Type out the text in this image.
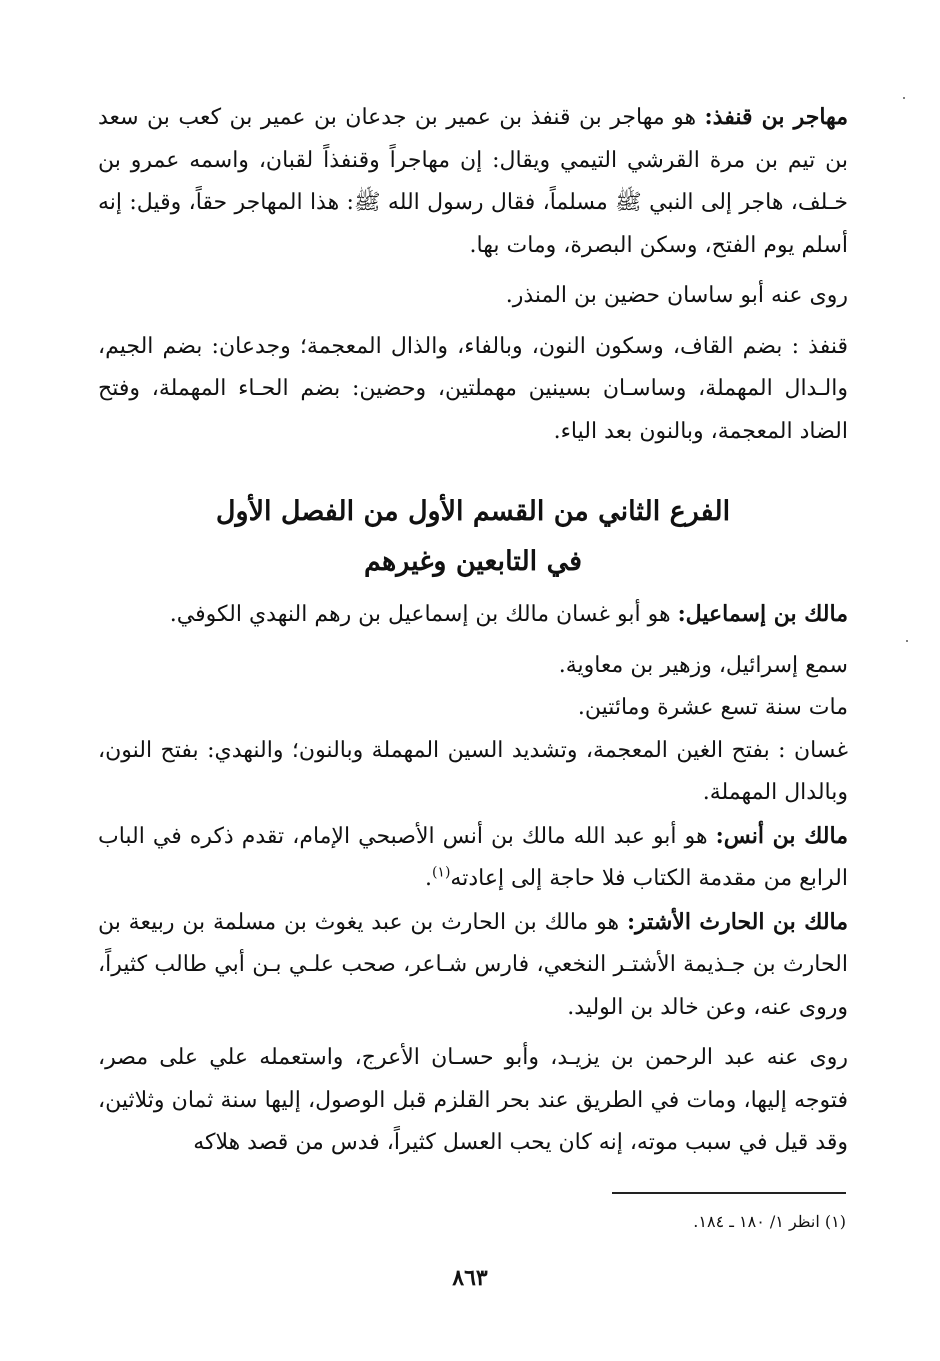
مهاجر بن قنفذ: هو مهاجر بن قنفذ بن عمير بن جدعان بن عمير بن كعب بن سعد بن تيم بن مرة القرشي التيمي ويقال: إن مهاجراً وقنفذاً لقبان، واسمه عمرو بن خـلف، هاجر إلى النبي ﷺ مسلماً، فقال رسول الله ﷺ: هذا المهاجر حقاً، وقيل: إنه أسلم يوم الفتح، وسكن البصرة، ومات بها.

روى عنه أبو ساسان حضين بن المنذر.

قنفذ : بضم القاف، وسكون النون، وبالفاء، والذال المعجمة؛ وجدعان: بضم الجيم، والـدال المهملة، وساسـان بسينين مهملتين، وحضين: بضم الحـاء المهملة، وفتح الضاد المعجمة، وبالنون بعد الياء.

الفرع الثاني من القسم الأول من الفصل الأول

في التابعين وغيرهم

مالك بن إسماعيل: هو أبو غسان مالك بن إسماعيل بن رهم النهدي الكوفي.

سمع إسرائيل، وزهير بن معاوية.

مات سنة تسع عشرة ومائتين.

غسان : بفتح الغين المعجمة، وتشديد السين المهملة وبالنون؛ والنهدي: بفتح النون، وبالدال المهملة.

مالك بن أنس: هو أبو عبد الله مالك بن أنس الأصبحي الإمام، تقدم ذكره في الباب الرابع من مقدمة الكتاب فلا حاجة إلى إعادته$^{(١)}$.

مالك بن الحارث الأشتر: هو مالك بن الحارث بن عبد يغوث بن مسلمة بن ربيعة بن الحارث بن جـذيمة الأشتـر النخعي، فارس شـاعر، صحب علـي بـن أبي طالب كثيراً، وروى عنه، وعن خالد بن الوليد.

روى عنه عبد الرحمن بن يزيـد، وأبو حسـان الأعرج، واستعمله علي على مصر، فتوجه إليها، ومات في الطريق عند بحر القلزم قبل الوصول، إليها سنة ثمان وثلاثين، وقد قيل في سبب موته، إنه كان يحب العسل كثيراً، فدس من قصد هلاكه

(١) انظر ١/ ١٨٠ ـ ١٨٤.
٨٦٣
